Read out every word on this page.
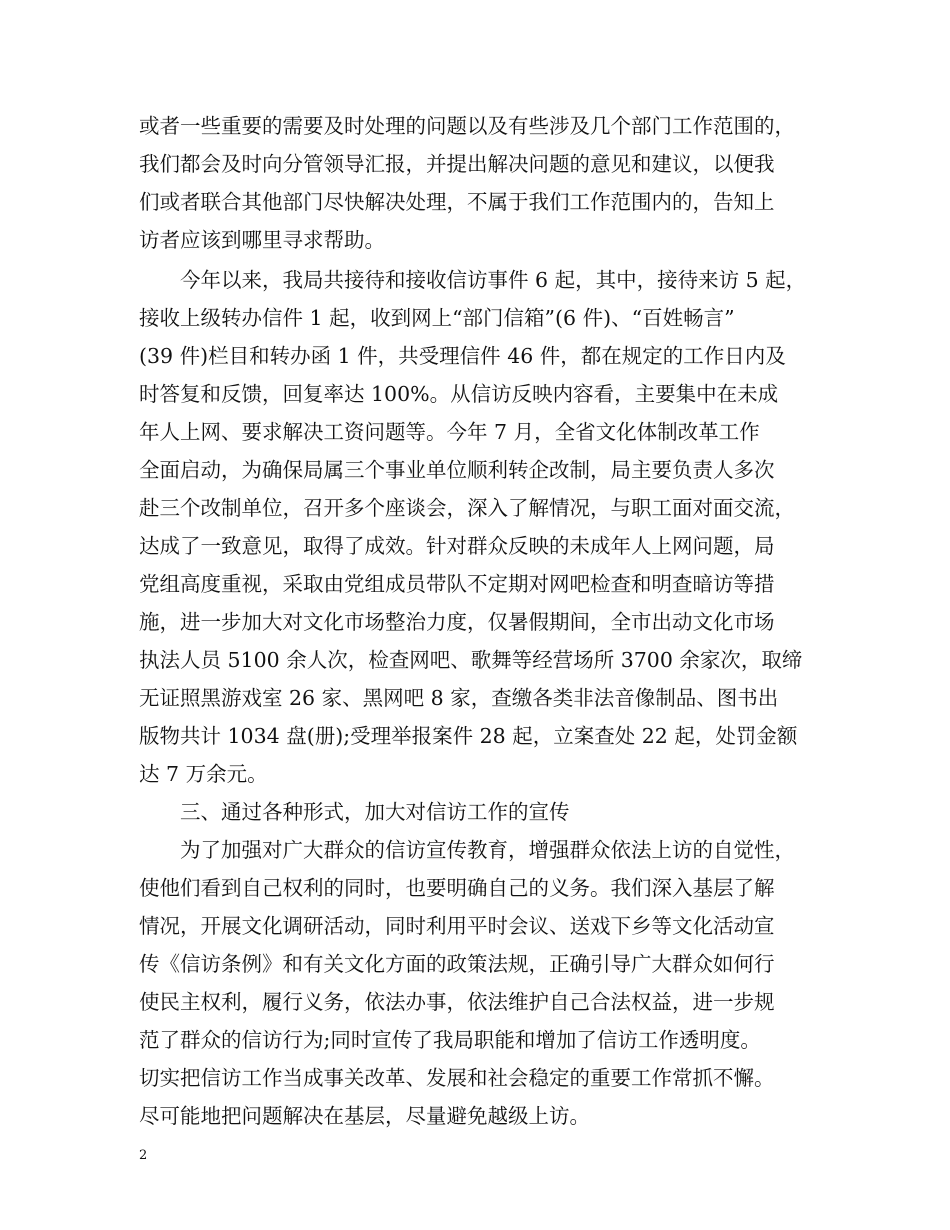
或者一些重要的需要及时处理的问题以及有些涉及几个部门工作范围的，
我们都会及时向分管领导汇报，并提出解决问题的意见和建议，以便我
们或者联合其他部门尽快解决处理，不属于我们工作范围内的，告知上
访者应该到哪里寻求帮助。
今年以来，我局共接待和接收信访事件 6 起，其中，接待来访 5 起，
接收上级转办信件 1 起，收到网上“部门信箱”(6 件)、“百姓畅言”
(39 件)栏目和转办函 1 件，共受理信件 46 件，都在规定的工作日内及
时答复和反馈，回复率达 100%。从信访反映内容看，主要集中在未成
年人上网、要求解决工资问题等。今年 7 月，全省文化体制改革工作
全面启动，为确保局属三个事业单位顺利转企改制，局主要负责人多次
赴三个改制单位，召开多个座谈会，深入了解情况，与职工面对面交流，
达成了一致意见，取得了成效。针对群众反映的未成年人上网问题，局
党组高度重视，采取由党组成员带队不定期对网吧检查和明查暗访等措
施，进一步加大对文化市场整治力度，仅暑假期间，全市出动文化市场
执法人员 5100 余人次，检查网吧、歌舞等经营场所 3700 余家次，取缔
无证照黑游戏室 26 家、黑网吧 8 家，查缴各类非法音像制品、图书出
版物共计 1034 盘(册);受理举报案件 28 起，立案查处 22 起，处罚金额
达 7 万余元。
三、通过各种形式，加大对信访工作的宣传
为了加强对广大群众的信访宣传教育，增强群众依法上访的自觉性，
使他们看到自己权利的同时，也要明确自己的义务。我们深入基层了解
情况，开展文化调研活动，同时利用平时会议、送戏下乡等文化活动宣
传《信访条例》和有关文化方面的政策法规，正确引导广大群众如何行
使民主权利，履行义务，依法办事，依法维护自己合法权益，进一步规
范了群众的信访行为;同时宣传了我局职能和增加了信访工作透明度。
切实把信访工作当成事关改革、发展和社会稳定的重要工作常抓不懈。
尽可能地把问题解决在基层，尽量避免越级上访。
2
